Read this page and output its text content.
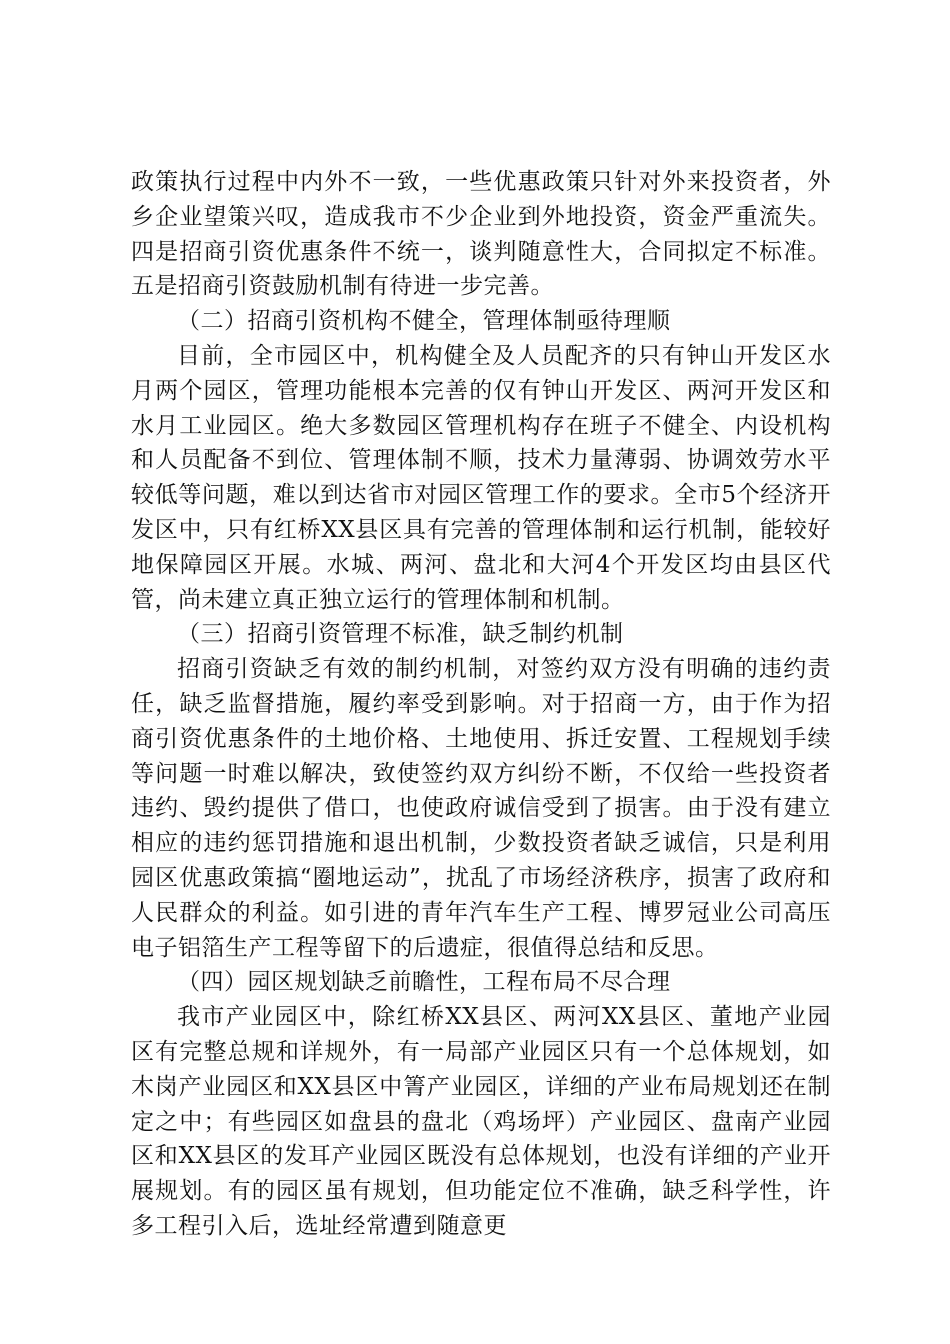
政策执行过程中内外不一致，一些优惠政策只针对外来投资者，外乡企业望策兴叹，造成我市不少企业到外地投资，资金严重流失。四是招商引资优惠条件不统一，谈判随意性大，合同拟定不标准。五是招商引资鼓励机制有待进一步完善。

（二）招商引资机构不健全，管理体制亟待理顺

目前，全市园区中，机构健全及人员配齐的只有钟山开发区水月两个园区，管理功能根本完善的仅有钟山开发区、两河开发区和水月工业园区。绝大多数园区管理机构存在班子不健全、内设机构和人员配备不到位、管理体制不顺，技术力量薄弱、协调效劳水平较低等问题，难以到达省市对园区管理工作的要求。全市5个经济开发区中，只有红桥XX县区具有完善的管理体制和运行机制，能较好地保障园区开展。水城、两河、盘北和大河4个开发区均由县区代管，尚未建立真正独立运行的管理体制和机制。

（三）招商引资管理不标准，缺乏制约机制

招商引资缺乏有效的制约机制，对签约双方没有明确的违约责任，缺乏监督措施，履约率受到影响。对于招商一方，由于作为招商引资优惠条件的土地价格、土地使用、拆迁安置、工程规划手续等问题一时难以解决，致使签约双方纠纷不断，不仅给一些投资者违约、毁约提供了借口，也使政府诚信受到了损害。由于没有建立相应的违约惩罚措施和退出机制，少数投资者缺乏诚信，只是利用园区优惠政策搞“圈地运动”，扰乱了市场经济秩序，损害了政府和人民群众的利益。如引进的青年汽车生产工程、博罗冠业公司高压电子铝箔生产工程等留下的后遗症，很值得总结和反思。

（四）园区规划缺乏前瞻性，工程布局不尽合理

我市产业园区中，除红桥XX县区、两河XX县区、董地产业园区有完整总规和详规外，有一局部产业园区只有一个总体规划，如木岗产业园区和XX县区中箐产业园区，详细的产业布局规划还在制定之中；有些园区如盘县的盘北（鸡场坪）产业园区、盘南产业园区和XX县区的发耳产业园区既没有总体规划，也没有详细的产业开展规划。有的园区虽有规划，但功能定位不准确，缺乏科学性，许多工程引入后，选址经常遭到随意更
